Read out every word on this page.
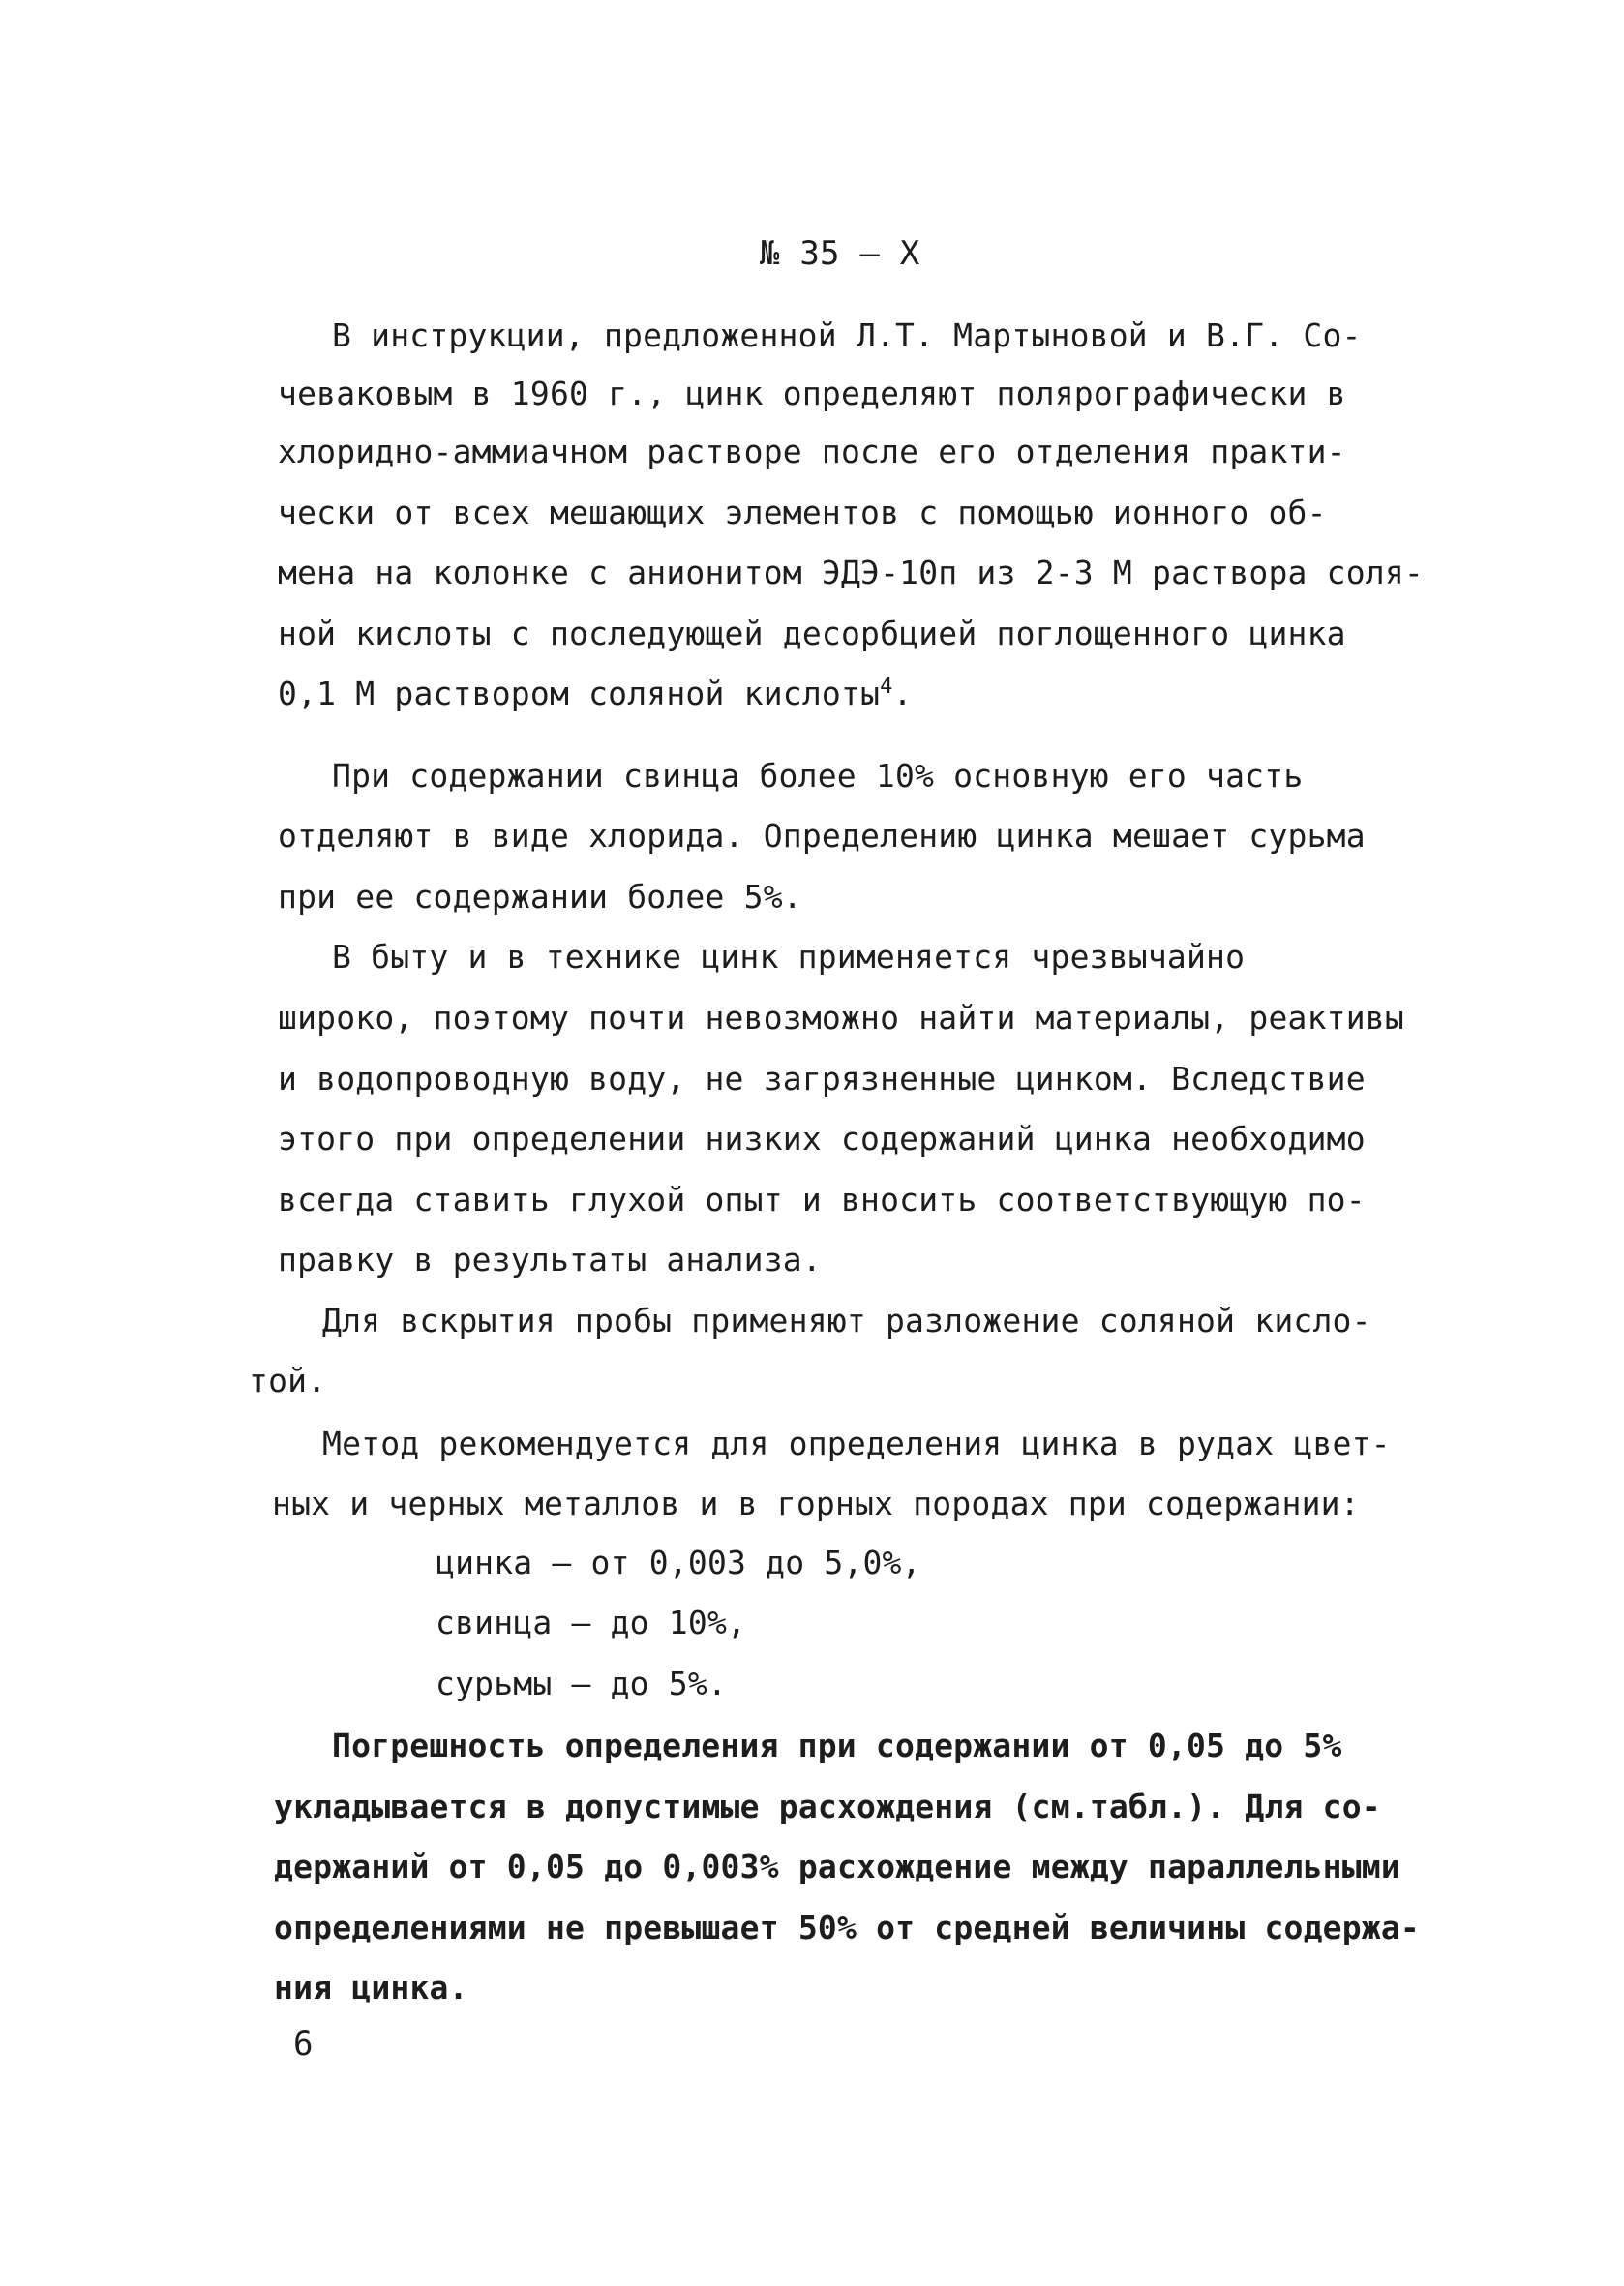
№ 35 – Х

В инструкции, предложенной Л.Т. Мартыновой и В.Г. Со-

чеваковым в 1960 г., цинк определяют полярографически в

хлоридно-аммиачном растворе после его отделения практи-

чески от всех мешающих элементов с помощью ионного об-

мена на колонке с анионитом ЭДЭ-10п из 2-3 М раствора соля-

ной кислоты с последующей десорбцией поглощенного цинка

0,1 М раствором соляной кислоты$^4$.

При содержании свинца более 10% основную его часть

отделяют в виде хлорида. Определению цинка мешает сурьма

при ее содержании более 5%.

В быту и в технике цинк применяется чрезвычайно

широко, поэтому почти невозможно найти материалы, реактивы

и водопроводную воду, не загрязненные цинком. Вследствие

этого при определении низких содержаний цинка необходимо

всегда ставить глухой опыт и вносить соответствующую по-

правку в результаты анализа.

Для вскрытия пробы применяют разложение соляной кисло-

той.

Метод рекомендуется для определения цинка в рудах цвет-

ных и черных металлов и в горных породах при содержании:

цинка – от 0,003 до 5,0%,

свинца – до 10%,

сурьмы – до 5%.

Погрешность определения при содержании от 0,05 до 5%

укладывается в допустимые расхождения (см.табл.). Для со-

держаний от 0,05 до 0,003% расхождение между параллельными

определениями не превышает 50% от средней величины содержа-

ния цинка.

6
